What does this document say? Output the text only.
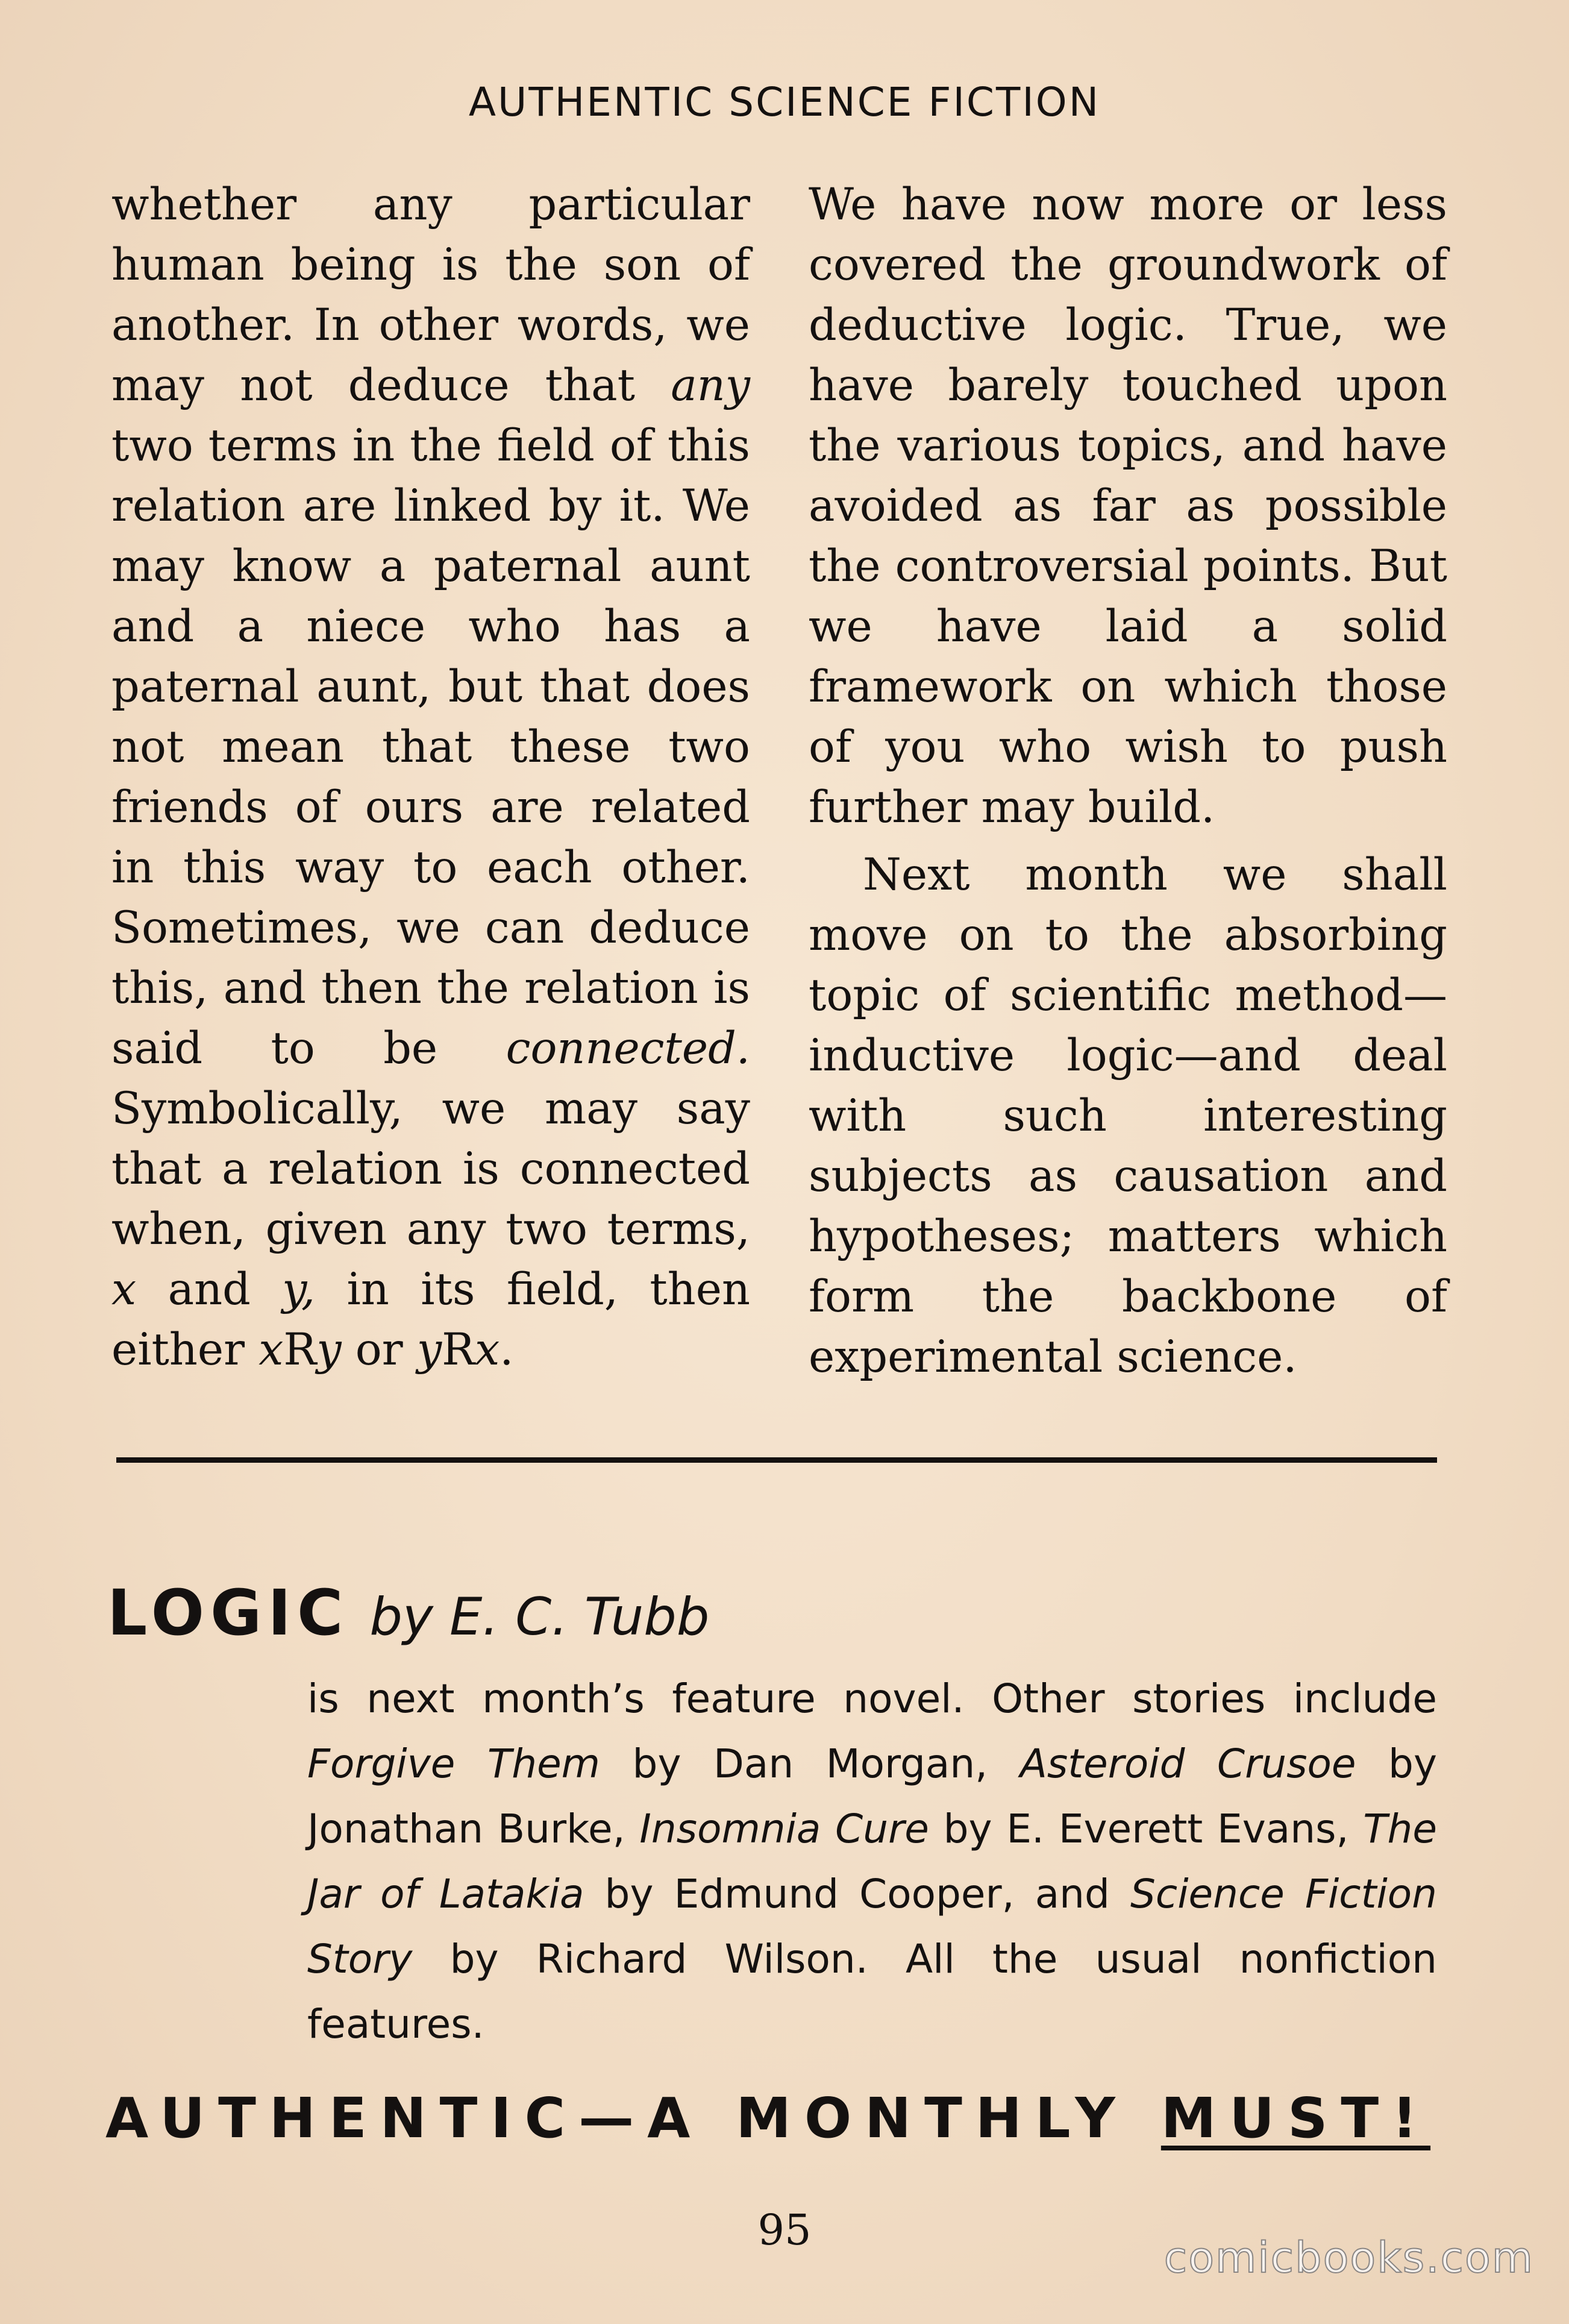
AUTHENTIC SCIENCE FICTION

whether any particular human being is the son of another. In other words, we may not deduce that any two terms in the field of this relation are linked by it. We may know a paternal aunt and a niece who has a paternal aunt, but that does not mean that these two friends of ours are related in this way to each other. Sometimes, we can deduce this, and then the relation is said to be connected. Symbolically, we may say that a relation is connected when, given any two terms, x and y, in its field, then either xRy or yRx.

We have now more or less covered the groundwork of deductive logic. True, we have barely touched upon the various topics, and have avoided as far as possible the controversial points. But we have laid a solid framework on which those of you who wish to push further may build.

Next month we shall move on to the absorbing topic of scientific method—inductive logic—and deal with such interesting subjects as causation and hypotheses; matters which form the backbone of experimental science.

LOGIC by E. C. Tubb
is next month’s feature novel. Other stories include Forgive Them by Dan Morgan, Asteroid Crusoe by Jonathan Burke, Insomnia Cure by E. Everett Evans, The Jar of Latakia by Edmund Cooper, and Science Fiction Story by Richard Wilson. All the usual nonfiction features.
AUTHENTIC—A MONTHLY MUST!
95
comicbooks.com
